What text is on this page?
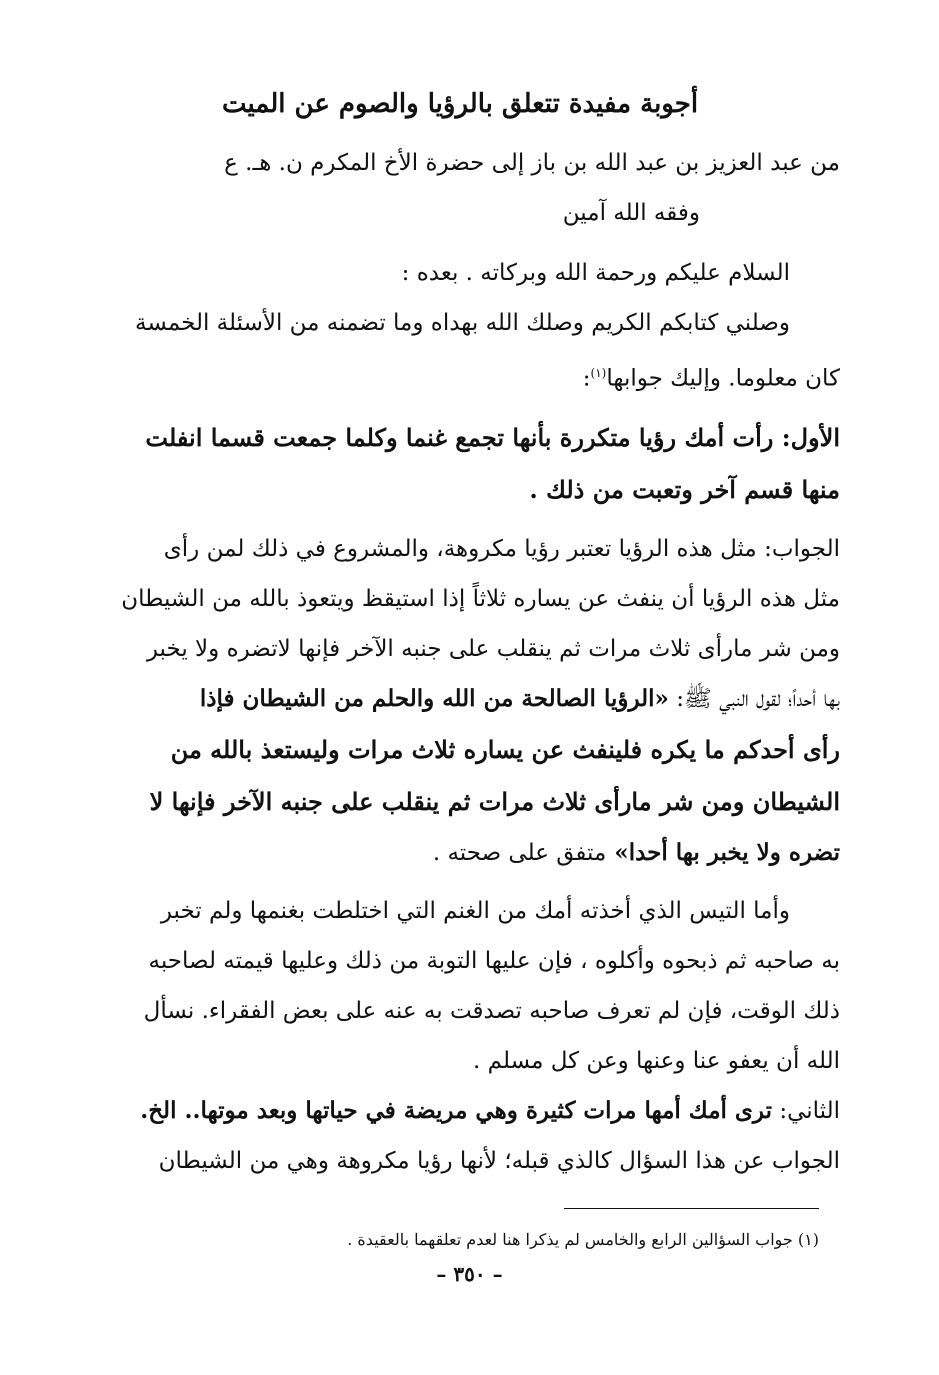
أجوبة مفيدة تتعلق بالرؤيا والصوم عن الميت

من عبد العزيز بن عبد الله بن باز إلى حضرة الأخ المكرم ن. هـ. ع

وفقه الله آمين

السلام عليكم ورحمة الله وبركاته . بعده :

وصلني كتابكم الكريم وصلك الله بهداه وما تضمنه من الأسئلة الخمسة

كان معلوما. وإليك جوابها$^{(١)}$:

الأول: رأت أمك رؤيا متكررة بأنها تجمع غنما وكلما جمعت قسما انفلت

منها قسم آخر وتعبت من ذلك .

الجواب: مثل هذه الرؤيا تعتبر رؤيا مكروهة، والمشروع في ذلك لمن رأى

مثل هذه الرؤيا أن ينفث عن يساره ثلاثاً إذا استيقظ ويتعوذ بالله من الشيطان

ومن شر مارأى ثلاث مرات ثم ينقلب على جنبه الآخر فإنها لاتضره ولا يخبر

بها أحداً؛ لقول النبي ﷺ: «الرؤيا الصالحة من الله والحلم من الشيطان فإذا

رأى أحدكم ما يكره فلينفث عن يساره ثلاث مرات وليستعذ بالله من

الشيطان ومن شر مارأى ثلاث مرات ثم ينقلب على جنبه الآخر فإنها لا

تضره ولا يخبر بها أحدا» متفق على صحته .

وأما التيس الذي أخذته أمك من الغنم التي اختلطت بغنمها ولم تخبر

به صاحبه ثم ذبحوه وأكلوه ، فإن عليها التوبة من ذلك وعليها قيمته لصاحبه

ذلك الوقت، فإن لم تعرف صاحبه تصدقت به عنه على بعض الفقراء. نسأل

الله أن يعفو عنا وعنها وعن كل مسلم .

الثاني: ترى أمك أمها مرات كثيرة وهي مريضة في حياتها وبعد موتها.. الخ.

الجواب عن هذا السؤال كالذي قبله؛ لأنها رؤيا مكروهة وهي من الشيطان

(١) جواب السؤالين الرابع والخامس لم يذكرا هنا لعدم تعلقهما بالعقيدة .
– ٣٥٠ –
